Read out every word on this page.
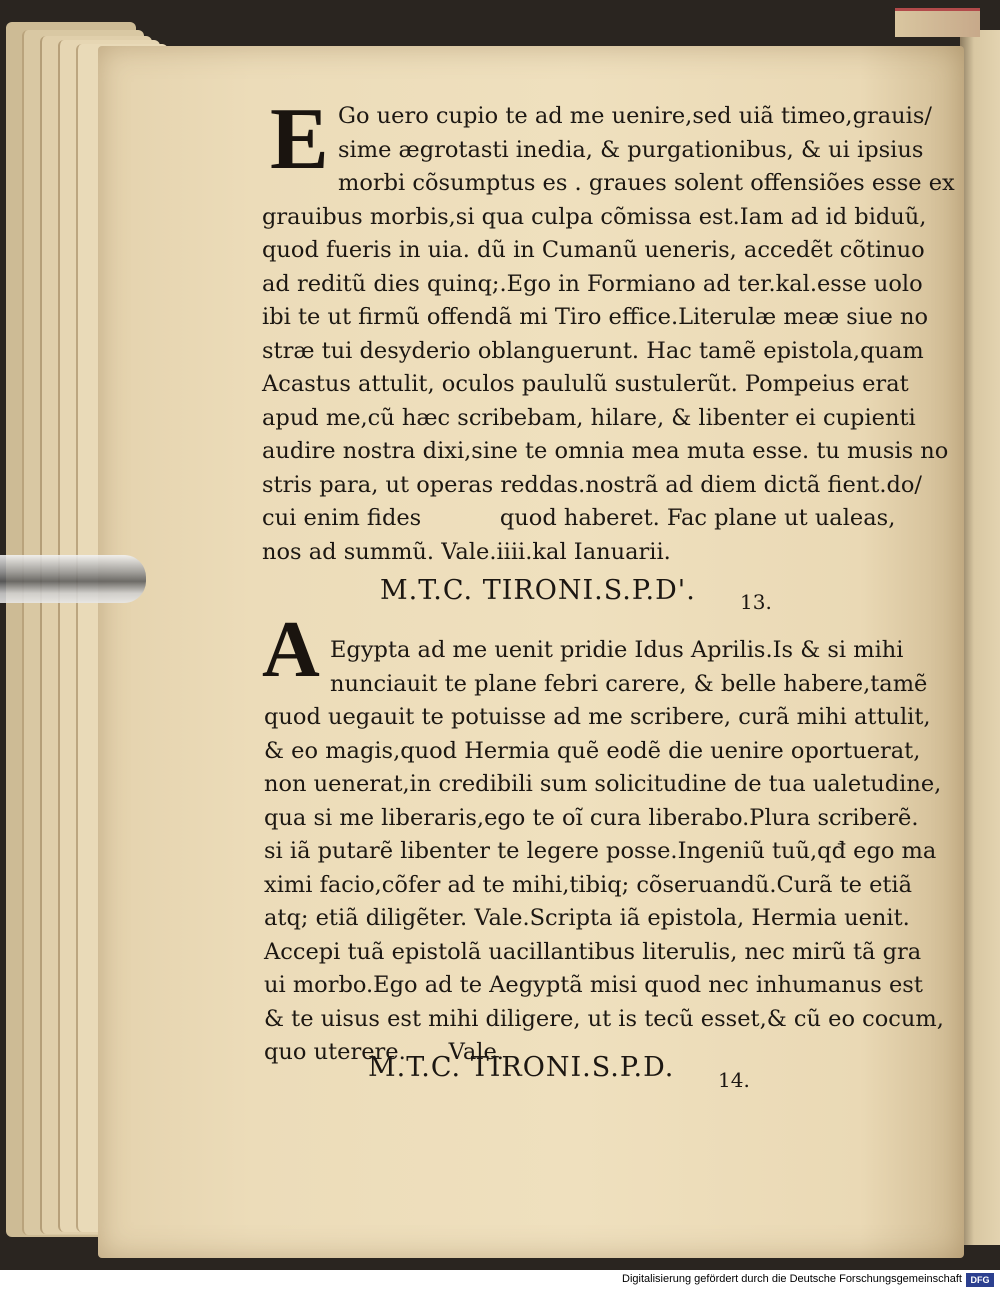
E Go uero cupio te ad me uenire,sed uiã timeo,grauis/
sime ægrotasti inedia, & purgationibus, & ui ipsius
morbi cõsumptus es . graues solent offensiões esse ex
grauibus morbis,si qua culpa cõmissa est.Iam ad id biduũ,
quod fueris in uia. dũ in Cumanũ ueneris, accedẽt cõtinuo
ad reditũ dies quinq;.Ego in Formiano ad ter.kal.esse uolo
ibi te ut firmũ offendã mi Tiro effice.Literulæ meæ siue no
stræ tui desyderio oblanguerunt. Hac tamẽ epistola,quam
Acastus attulit, oculos paululũ sustulerũt. Pompeius erat
apud me,cũ hæc scribebam, hilare, & libenter ei cupienti
audire nostra dixi,sine te omnia mea muta esse. tu musis no
stris para, ut operas reddas.nostrã ad diem dictã fient.do/
cui enim fides           quod haberet. Fac plane ut ualeas,
nos ad summũ. Vale.iiii.kal Ianuarii.
M.T.C. TIRONI.S.P.D'. 13.
A Egypta ad me uenit pridie Idus Aprilis.Is & si mihi
nunciauit te plane febri carere, & belle habere,tamẽ
quod uegauit te potuisse ad me scribere, curã mihi attulit,
& eo magis,quod Hermia quẽ eodẽ die uenire oportuerat,
non uenerat,in credibili sum solicitudine de tua ualetudine,
qua si me liberaris,ego te oĩ cura liberabo.Plura scriberẽ.
si iã putarẽ libenter te legere posse.Ingeniũ tuũ,qđ ego ma
ximi facio,cõfer ad te mihi,tibiq; cõseruandũ.Curã te etiã
atq; etiã diligẽter. Vale.Scripta iã epistola, Hermia uenit.
Accepi tuã epistolã uacillantibus literulis, nec mirũ tã gra
ui morbo.Ego ad te Aegyptã misi quod nec inhumanus est
& te uisus est mihi diligere, ut is tecũ esset,& cũ eo cocum,
quo uterere.      Vale.
M.T.C. TIRONI.S.P.D. 14.
Digitalisierung gefördert durch die Deutsche Forschungsgemeinschaft DFG
